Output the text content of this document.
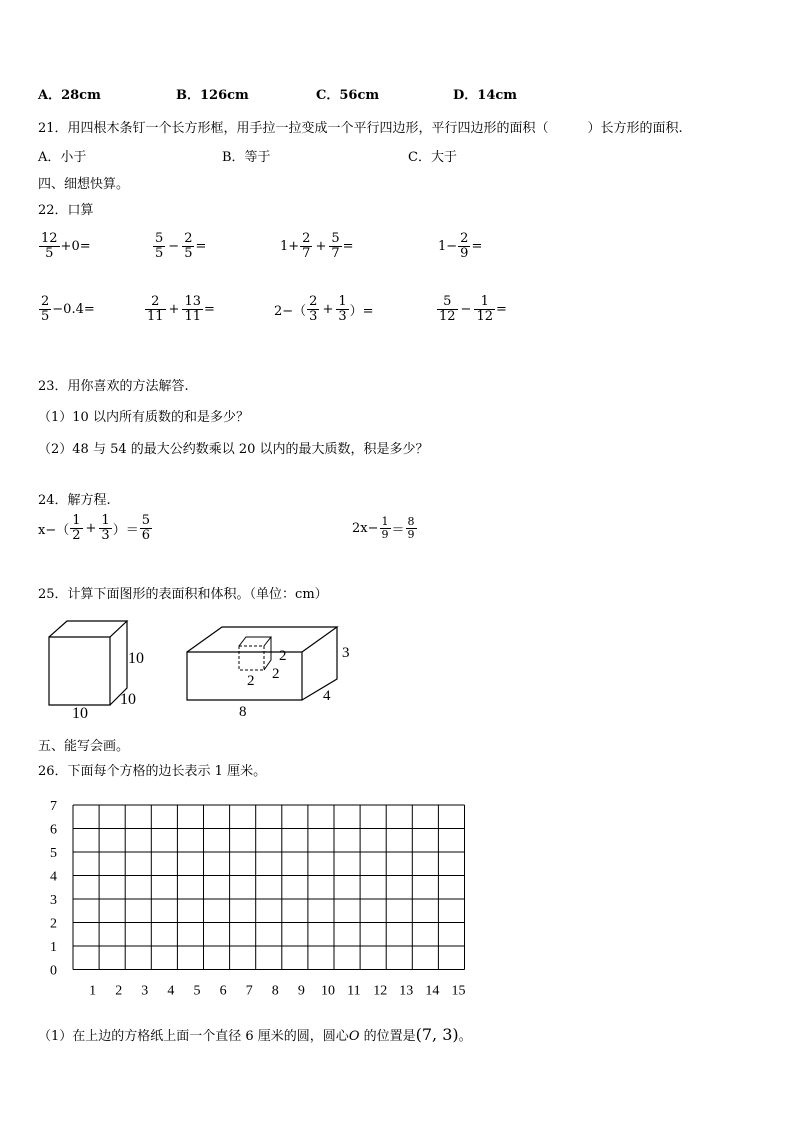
A．28cm	B．126cm	C．56cm	D．14cm
21．用四根木条钉一个长方形框，用手拉一拉变成一个平行四边形，平行四边形的面积（　　　）长方形的面积.
A．小于	B．等于	C．大于
四、细想快算。
22．口算
$\frac{12}{5} +0=$	$\frac{5}{5} - \frac{2}{5}$ =	$1+ \frac{2}{7} + \frac{5}{7}$ =	$1- \frac{2}{9}$ =
$\frac{2}{5} -0.4=$	$\frac{2}{11} + \frac{13}{11}$ =	$2-( \frac{2}{3} + \frac{1}{3}$ ）=	$\frac{5}{12} - \frac{1}{12}$ =
23．用你喜欢的方法解答.
（1）10 以内所有质数的和是多少？
（2）48 与 54 的最大公约数乘以 20 以内的最大质数，积是多少？
24．解方程.
$x-( \frac{1}{2} + \frac{1}{3}$ ）＝ $\frac{5}{6}$	$2x- \frac{1}{9} = \frac{8}{9}$
25．计算下面图形的表面积和体积。（单位：cm）
10
10
10
2
2 2
3
4
8
五、能写会画。
26．下面每个方格的边长表示 1 厘米。
0
1
2
3
4
5
6
7
1 2 3 4 5 6 7 8 9 10 11 12 13 14 15
（1）在上边的方格纸上面一个直径 6 厘米的圆，圆心O 的位置是(7, 3)。
